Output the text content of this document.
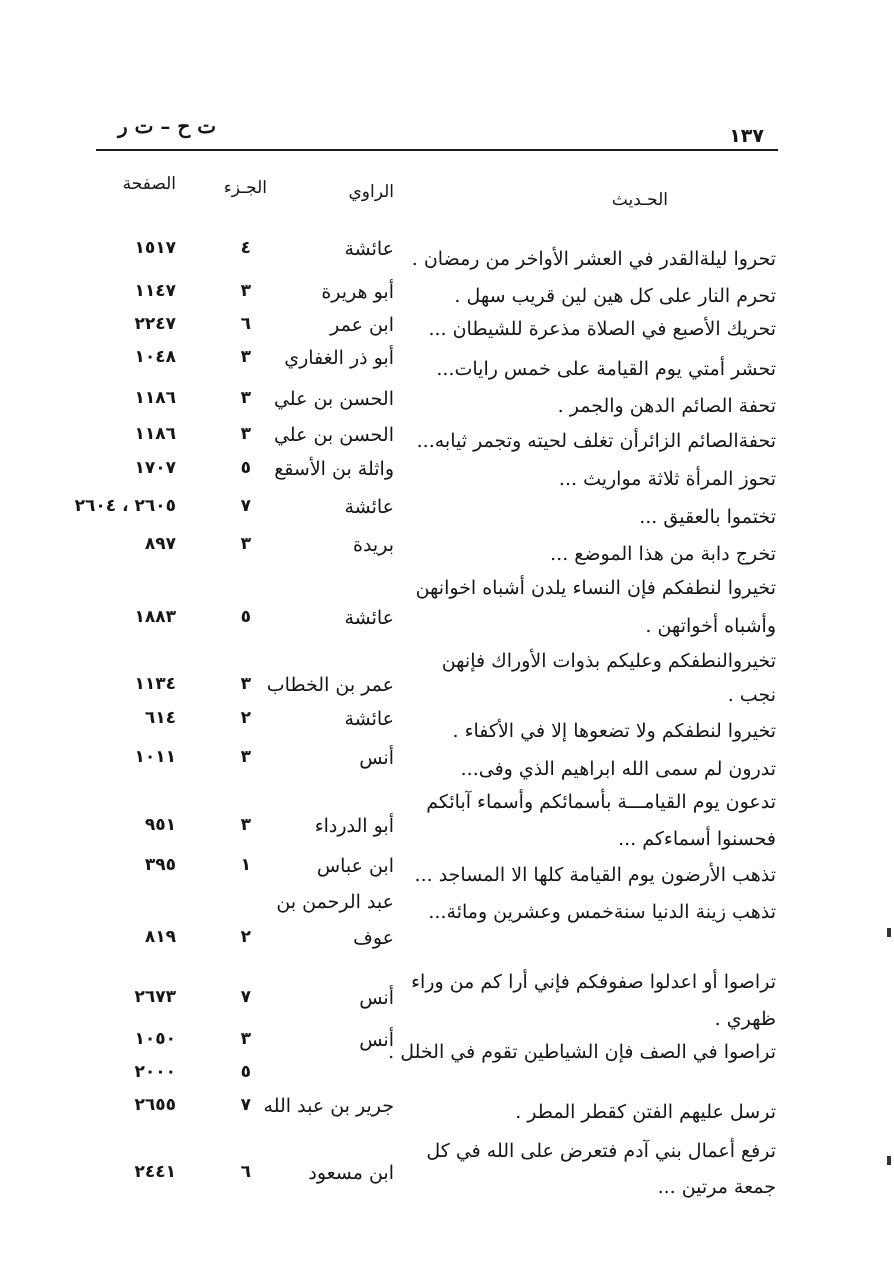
١٣٧
ت ح – ت ر
الحـديث
الراوي
الجـزء
الصفحة
تحروا ليلةالقدر في العشر الأواخر من رمضان .
تحرم النار على كل هين لين قريب سهل .
تحريك الأصبع في الصلاة مذعرة للشيطان ...
تحشر أمتي يوم القيامة على خمس رايات...
تحفة الصائم الدهن والجمر .
تحفةالصائم الزائرأن تغلف لحيته وتجمر ثيابه...
تحوز المرأة ثلاثة مواريث ...
تختموا بالعقيق ...
تخرج دابة من هذا الموضع ...
تخيروا لنطفكم فإن النساء يلدن أشباه اخوانهن
وأشباه أخواتهن .
تخيروالنطفكم وعليكم بذوات الأوراك فإنهن
نجب .
تخيروا لنطفكم ولا تضعوها إلا في الأكفاء .
تدرون لم سمى الله ابراهيم الذي وفى...
تدعون يوم القيامـــة بأسمائكم وأسماء آبائكم
فحسنوا أسماءكم ...
تذهب الأرضون يوم القيامة كلها الا المساجد ...
تذهب زينة الدنيا سنةخمس وعشرين ومائة...
تراصوا أو اعدلوا صفوفكم فإني أرا كم من وراء
ظهري .
تراصوا في الصف فإن الشياطين تقوم في الخلل .
ترسل عليهم الفتن كقطر المطر .
ترفع أعمال بني آدم فتعرض على الله في كل
جمعة مرتين ...
عائشة
أبو هريرة
ابن عمر
أبو ذر الغفاري
الحسن بن علي
الحسن بن علي
واثلة بن الأسقع
عائشة
بريدة
عائشة
عمر بن الخطاب
عائشة
أنس
أبو الدرداء
ابن عباس
عبد الرحمن بن
عوف
أنس
أنس
جرير بن عبد الله
ابن مسعود
٤
٣
٦
٣
٣
٣
٥
٧
٣
٥
٣
٢
٣
٣
١
٢
٧
٣
٥
٧
٦
١٥١٧
١١٤٧
٢٢٤٧
١٠٤٨
١١٨٦
١١٨٦
١٧٠٧
٢٦٠٥ ، ٢٦٠٤
٨٩٧
١٨٨٣
١١٣٤
٦١٤
١٠١١
٩٥١
٣٩٥
٨١٩
٢٦٧٣
١٠٥٠
٢٠٠٠
٢٦٥٥
٢٤٤١
